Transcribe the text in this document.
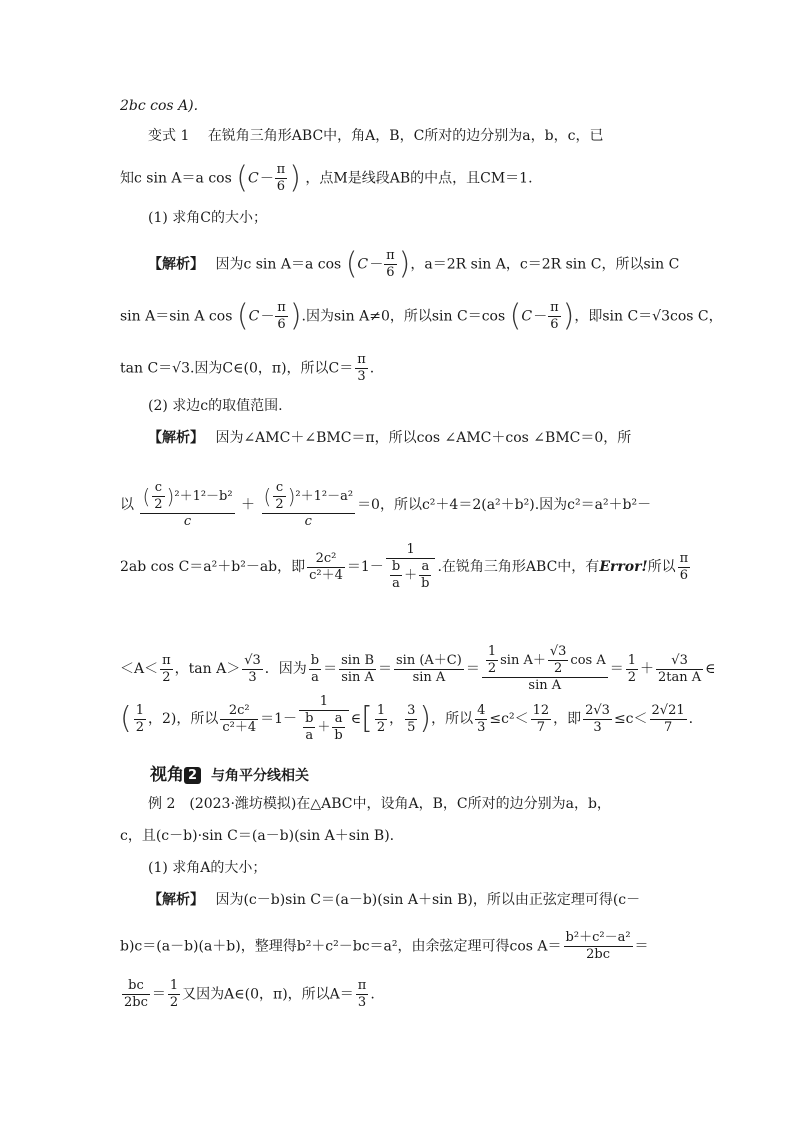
2bc cos A).
变式 1　 在锐角三角形ABC中，角A，B，C所对的边分别为a，b，c，已
知c sin A＝a $\cos (C- \frac{\pi}{6}$ ) ，点M是线段AB的中点，且CM＝1.
(1) 求角C的大小；
【解析】　 因为c sin A＝a $\cos (C- \frac{\pi}{6}$ )，a＝2R sin A，c＝2R sin C，所以sin C
sin A＝sin A $\cos (C- \frac{\pi}{6}$ ).因为sin A≠0，所以sin C＝cos ($C- \frac{\pi}{6}$ )，即sin C＝√3cos C，
tan C＝√3.因为C∈(0，π)，所以$C= \frac{\pi}{3}$ .
(2) 求边c的取值范围.
【解析】　 因为∠AMC＋∠BMC＝π，所以cos ∠AMC＋cos ∠BMC＝0，所
以 $\frac{( \frac{c}{2} )^2+1^2-b^2}{c} + \frac{( \frac{c}{2} )^2+1^2-a^2}{c} =0$，所以c²＋4＝2(a²＋b²).因为c²＝a²＋b²－
2ab cos C＝a²＋b²－ab，即 $\frac{\text{2c²}}{\text{c²＋4}} =1- \frac{1}{\frac{b}{a} + \frac{a}{b}}$ .在锐角三角形ABC中，有Error!所以 $\frac{\pi}{6}$
$<A< \frac{\pi}{2}$ ，$\tan A> \frac{√3}{3}$ ．因为 $\frac{b}{a} = \frac{\text{sin B}}{\text{sin A}} = \frac{\sin (A+C)}{\text{sin A}} = \frac{\frac{1}{2} \sin A+ \frac{√3}{2} \cos A}{\text{sin A}} = \frac{1}{2} + \frac{√3}{\text{2tan A}}$ ∈
( $\frac{1}{2}$ ，2)，所以 $\frac{\text{2c²}}{\text{c²＋4}} =1- \frac{1}{\frac{b}{a} + \frac{a}{b}}$ ∈[ $\frac{1}{2}$ ， $\frac{3}{5}$ )，所以 $\frac{4}{3} \le c^2< \frac{12}{7}$ ，即 $\frac{2√3}{3} \le c< \frac{2√21}{7}$ .
视角 2 与角平分线相关
例 2　(2023·潍坊模拟)在△ABC中，设角A，B，C所对的边分别为a，b，
c，且(c－b)·sin C＝(a－b)(sin A＋sin B).
(1) 求角A的大小；
【解析】　 因为(c－b)sin C＝(a－b)(sin A＋sin B)，所以由正弦定理可得(c－
b)c＝(a－b)(a＋b)，整理得b²＋c²－bc＝a²，由余弦定理可得$\cos A= \frac{\text{b²＋c²－a²}}{2bc}$ ＝
$\frac{bc}{2bc} = \frac{1}{2}$ 又因为A∈(0，π)，所以$A= \frac{\pi}{3}$ .
